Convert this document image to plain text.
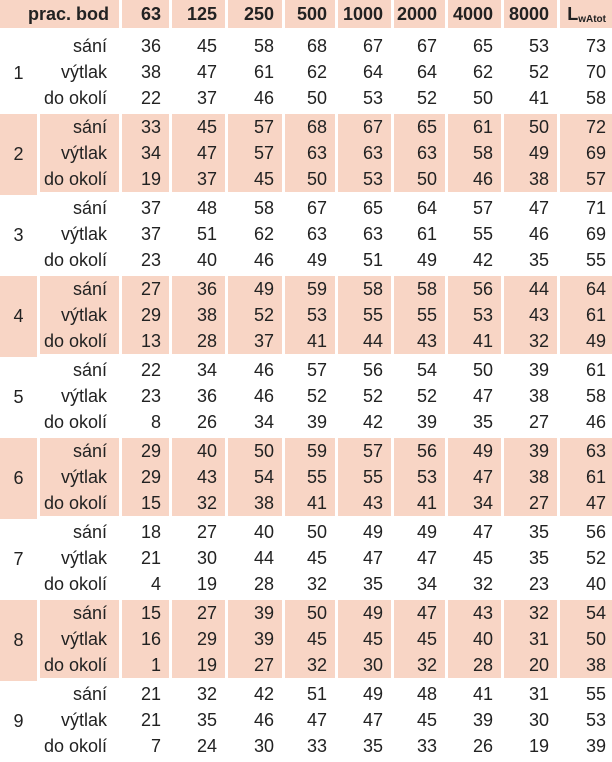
prac. bod		63	125	250	500	1000	2000	4000	8000	LwAtot
1	sání	36	45	58	68	67	67	65	53	73
	výtlak	38	47	61	62	64	64	62	52	70
	do okolí	22	37	46	50	53	52	50	41	58
2	sání	33	45	57	68	67	65	61	50	72
	výtlak	34	47	57	63	63	63	58	49	69
	do okolí	19	37	45	50	53	50	46	38	57
3	sání	37	48	58	67	65	64	57	47	71
	výtlak	37	51	62	63	63	61	55	46	69
	do okolí	23	40	46	49	51	49	42	35	55
4	sání	27	36	49	59	58	58	56	44	64
	výtlak	29	38	52	53	55	55	53	43	61
	do okolí	13	28	37	41	44	43	41	32	49
5	sání	22	34	46	57	56	54	50	39	61
	výtlak	23	36	46	52	52	52	47	38	58
	do okolí	8	26	34	39	42	39	35	27	46
6	sání	29	40	50	59	57	56	49	39	63
	výtlak	29	43	54	55	55	53	47	38	61
	do okolí	15	32	38	41	43	41	34	27	47
7	sání	18	27	40	50	49	49	47	35	56
	výtlak	21	30	44	45	47	47	45	35	52
	do okolí	4	19	28	32	35	34	32	23	40
8	sání	15	27	39	50	49	47	43	32	54
	výtlak	16	29	39	45	45	45	40	31	50
	do okolí	1	19	27	32	30	32	28	20	38
9	sání	21	32	42	51	49	48	41	31	55
	výtlak	21	35	46	47	47	45	39	30	53
	do okolí	7	24	30	33	35	33	26	19	39
